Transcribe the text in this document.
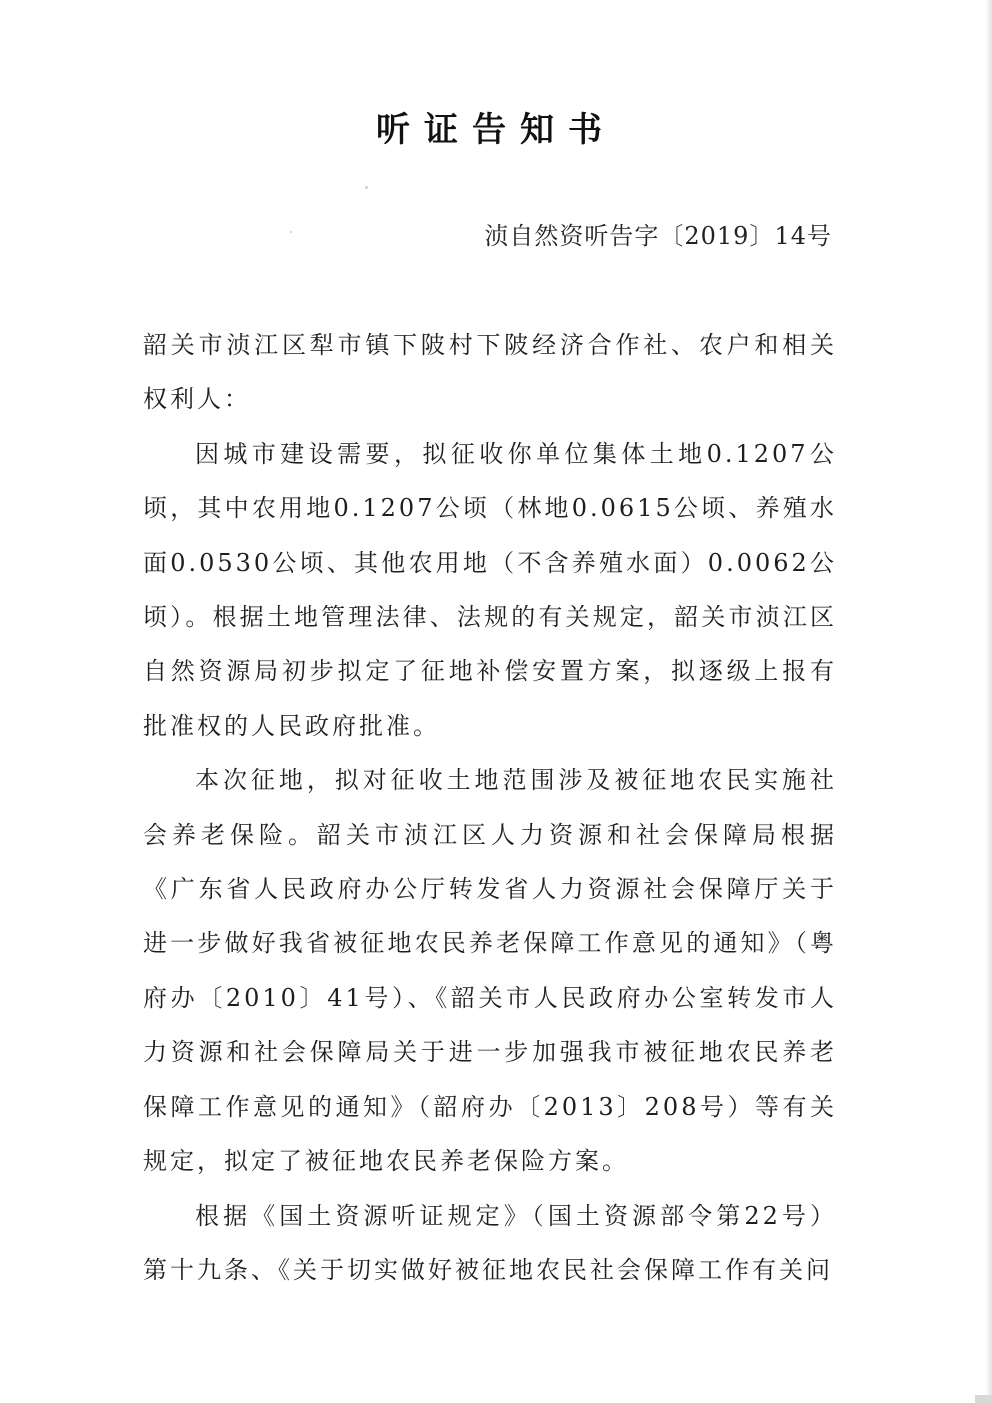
听证告知书
浈自然资听告字〔2019〕14号

韶关市浈江区犁市镇下陂村下陂经济合作社、农户和相关权利人：

因城市建设需要，拟征收你单位集体土地0.1207公顷，其中农用地0.1207公顷（林地0.0615公顷、养殖水面0.0530公顷、其他农用地（不含养殖水面）0.0062公顷）。根据土地管理法律、法规的有关规定，韶关市浈江区自然资源局初步拟定了征地补偿安置方案，拟逐级上报有批准权的人民政府批准。

本次征地，拟对征收土地范围涉及被征地农民实施社会养老保险。韶关市浈江区人力资源和社会保障局根据《广东省人民政府办公厅转发省人力资源社会保障厅关于进一步做好我省被征地农民养老保障工作意见的通知》（粤府办〔2010〕41号）、《韶关市人民政府办公室转发市人力资源和社会保障局关于进一步加强我市被征地农民养老保障工作意见的通知》（韶府办〔2013〕208号）等有关规定，拟定了被征地农民养老保险方案。

根据《国土资源听证规定》（国土资源部令第22号）第十九条、《关于切实做好被征地农民社会保障工作有关问
